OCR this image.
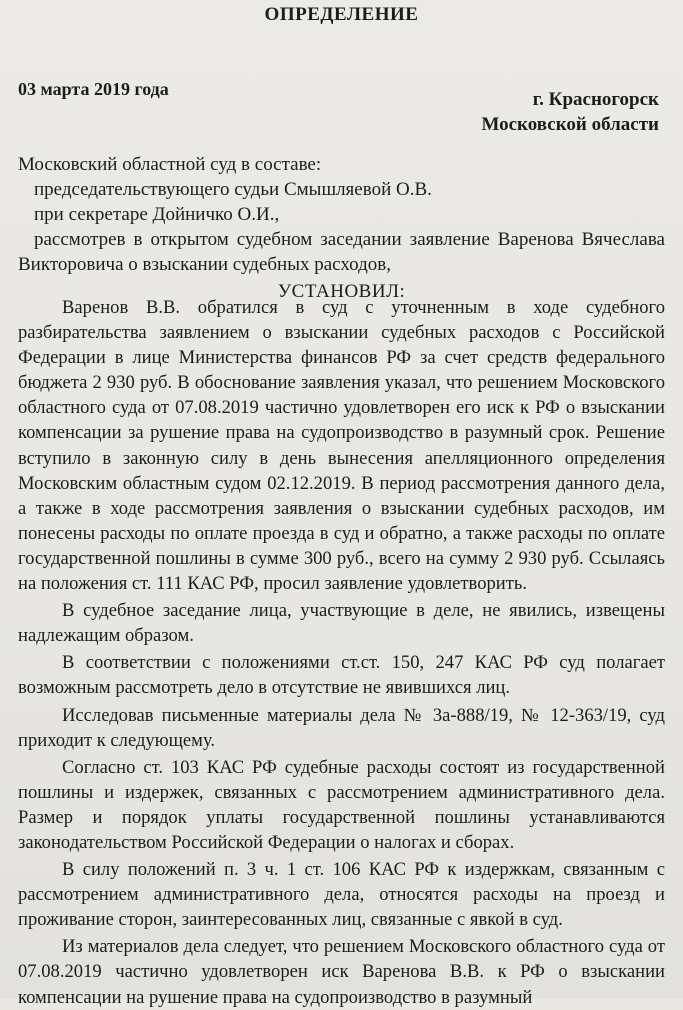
ОПРЕДЕЛЕНИЕ
03 марта 2019 года	г. Красногорск
Московской области
Московский областной суд в составе:
председательствующего судьи Смышляевой О.В.
при секретаре Дойничко О.И.,
рассмотрев в открытом судебном заседании заявление Варенова Вячеслава
Викторовича о взыскании судебных расходов,
УСТАНОВИЛ:

Варенов В.В. обратился в суд с уточненным в ходе судебного разбирательства заявлением о взыскании судебных расходов с Российской Федерации в лице Министерства финансов РФ за счет средств федерального бюджета 2 930 руб. В обоснование заявления указал, что решением Московского областного суда от 07.08.2019 частично удовлетворен его иск к РФ о взыскании компенсации за рушение права на судопроизводство в разумный срок. Решение вступило в законную силу в день вынесения апелляционного определения Московским областным судом 02.12.2019. В период рассмотрения данного дела, а также в ходе рассмотрения заявления о взыскании судебных расходов, им понесены расходы по оплате проезда в суд и обратно, а также расходы по оплате государственной пошлины в сумме 300 руб., всего на сумму 2 930 руб. Ссылаясь на положения ст. 111 КАС РФ, просил заявление удовлетворить.

В судебное заседание лица, участвующие в деле, не явились, извещены надлежащим образом.

В соответствии с положениями ст.ст. 150, 247 КАС РФ суд полагает возможным рассмотреть дело в отсутствие не явившихся лиц.

Исследовав письменные материалы дела № 3а-888/19, № 12-363/19, суд приходит к следующему.

Согласно ст. 103 КАС РФ судебные расходы состоят из государственной пошлины и издержек, связанных с рассмотрением административного дела. Размер и порядок уплаты государственной пошлины устанавливаются законодательством Российской Федерации о налогах и сборах.

В силу положений п. 3 ч. 1 ст. 106 КАС РФ к издержкам, связанным с рассмотрением административного дела, относятся расходы на проезд и проживание сторон, заинтересованных лиц, связанные с явкой в суд.

Из материалов дела следует, что решением Московского областного суда от 07.08.2019 частично удовлетворен иск Варенова В.В. к РФ о взыскании компенсации на рушение права на судопроизводство в разумный
